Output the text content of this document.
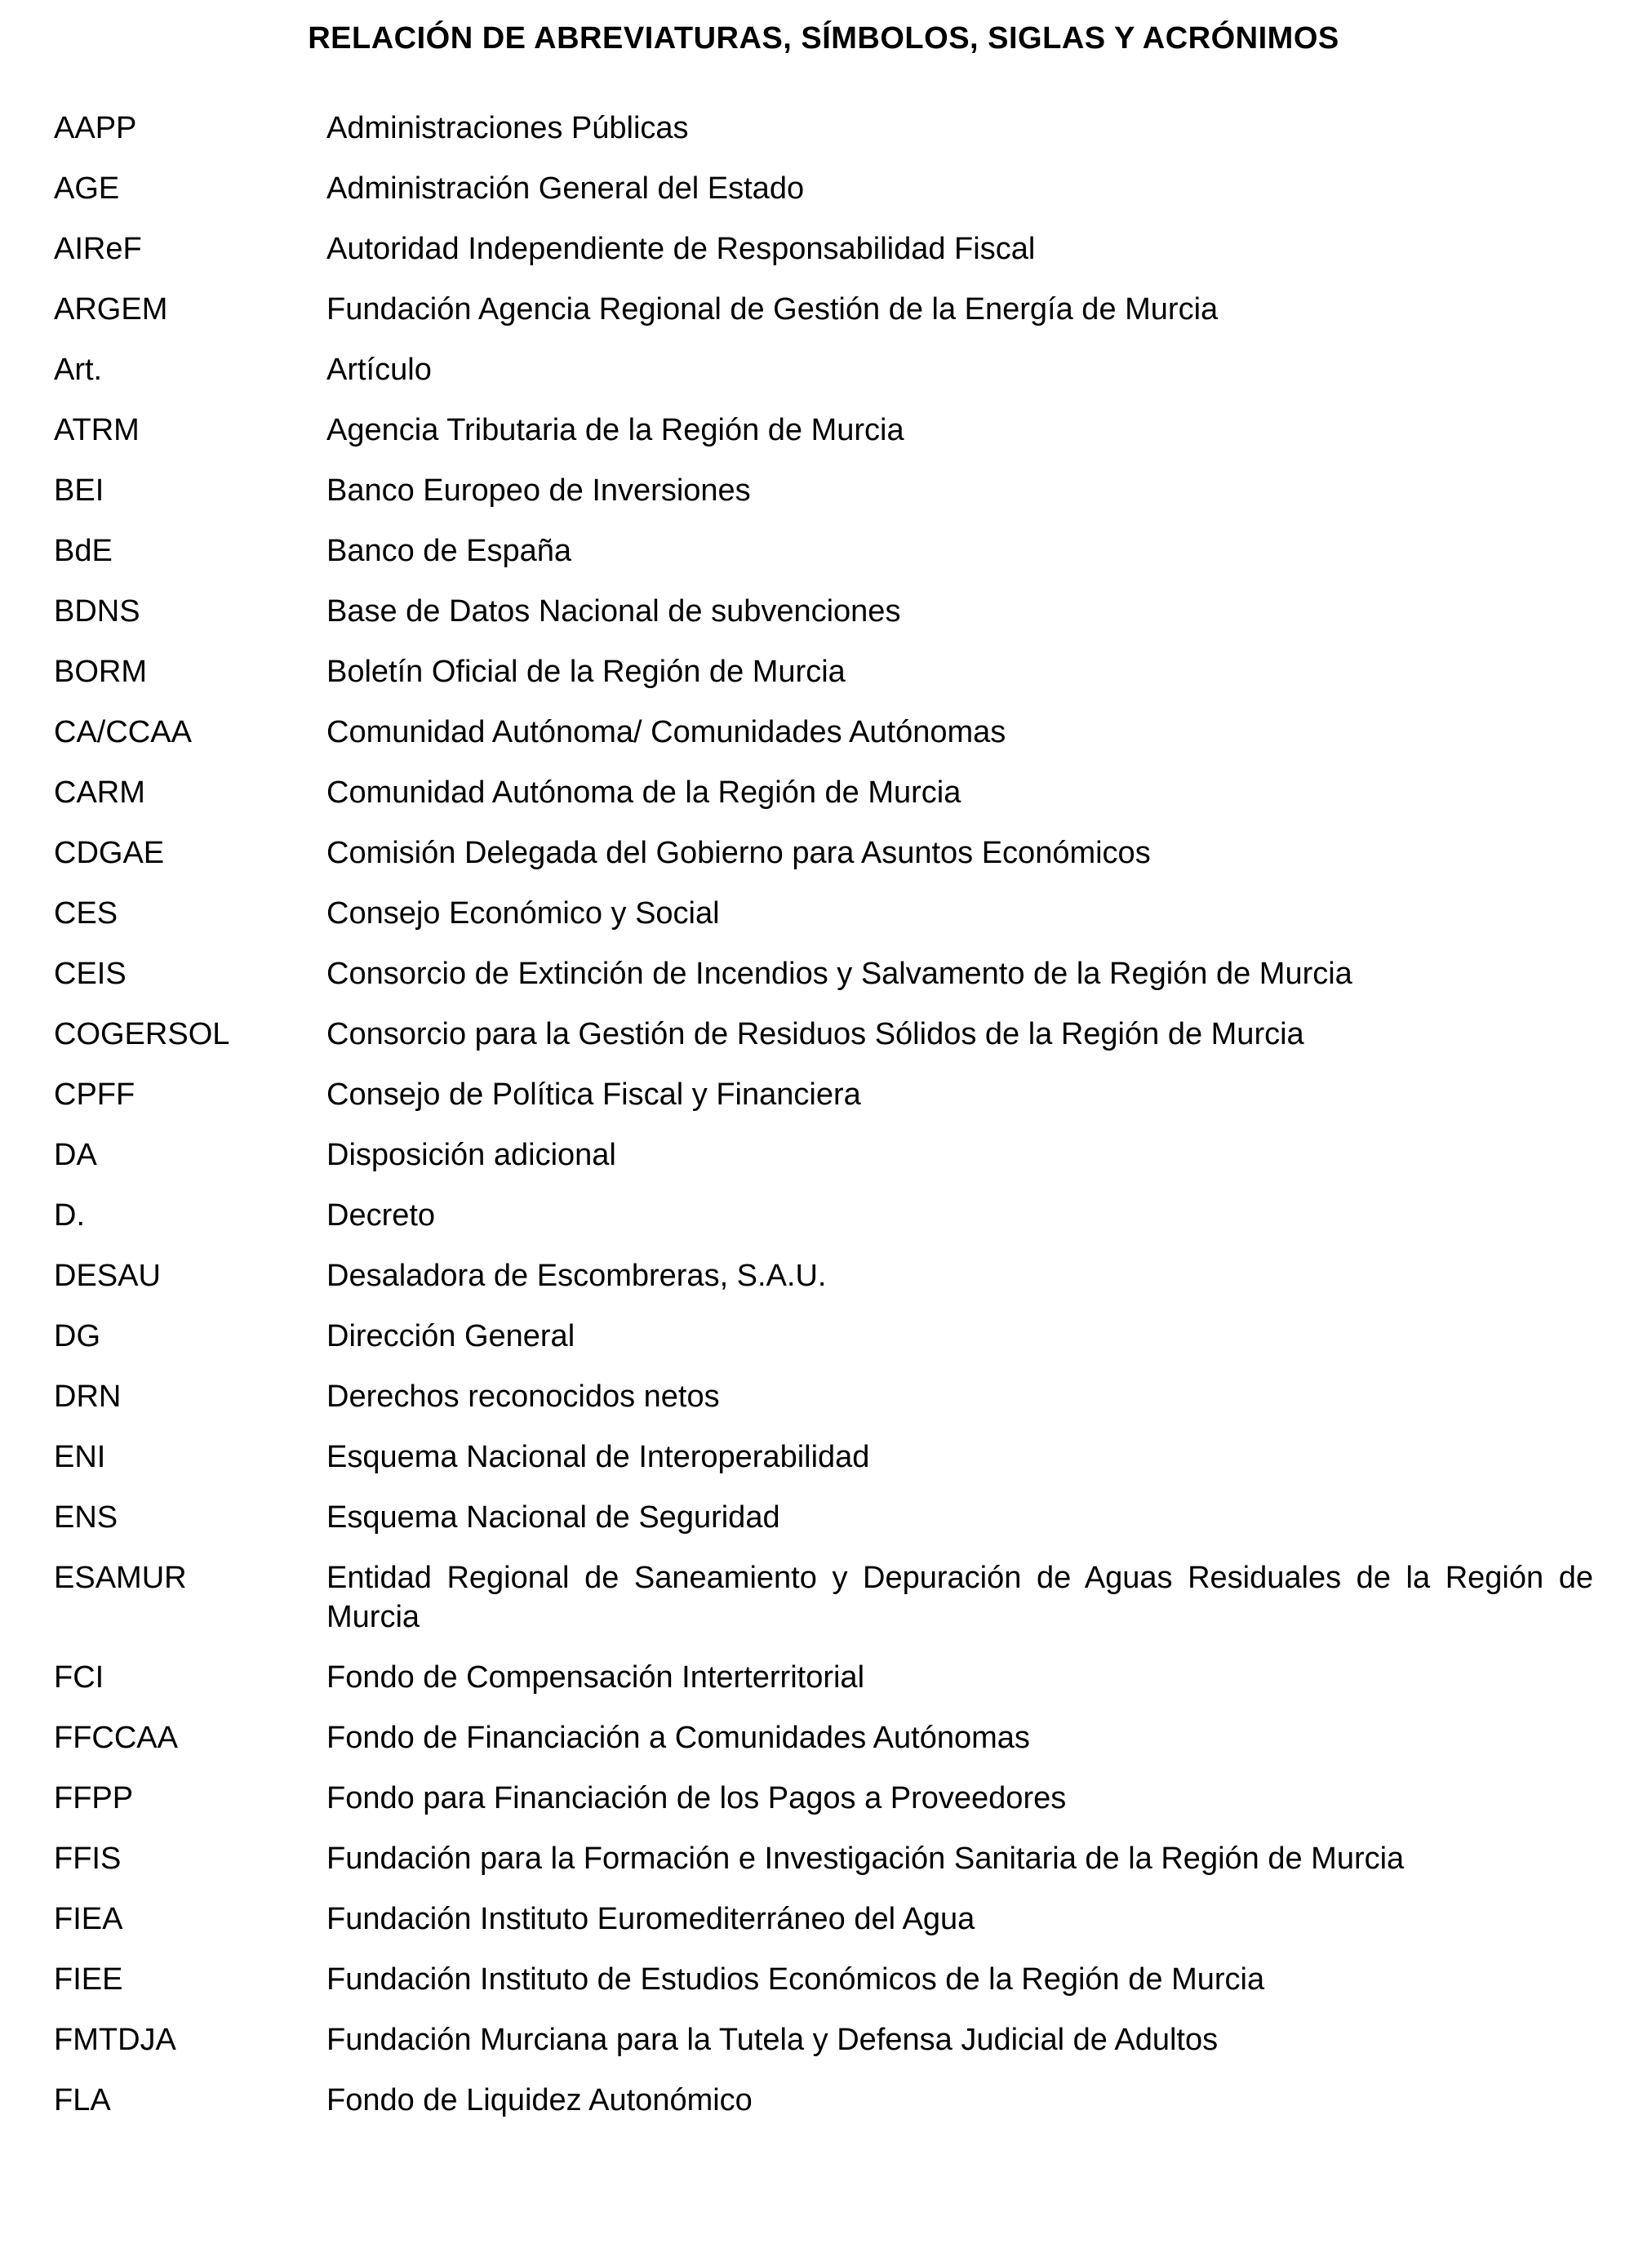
RELACIÓN DE ABREVIATURAS, SÍMBOLOS, SIGLAS Y ACRÓNIMOS
AAPP	Administraciones Públicas
AGE	Administración General del Estado
AIReF	Autoridad Independiente de Responsabilidad Fiscal
ARGEM	Fundación Agencia Regional de Gestión de la Energía de Murcia
Art.	Artículo
ATRM	Agencia Tributaria de la Región de Murcia
BEI	Banco Europeo de Inversiones
BdE	Banco de España
BDNS	Base de Datos Nacional de subvenciones
BORM	Boletín Oficial de la Región de Murcia
CA/CCAA	Comunidad Autónoma/ Comunidades Autónomas
CARM	Comunidad Autónoma de la Región de Murcia
CDGAE	Comisión Delegada del Gobierno para Asuntos Económicos
CES	Consejo Económico y Social
CEIS	Consorcio de Extinción de Incendios y Salvamento de la Región de Murcia
COGERSOL	Consorcio para la Gestión de Residuos Sólidos de la Región de Murcia
CPFF	Consejo de Política Fiscal y Financiera
DA	Disposición adicional
D.	Decreto
DESAU	Desaladora de Escombreras, S.A.U.
DG	Dirección General
DRN	Derechos reconocidos netos
ENI	Esquema Nacional de Interoperabilidad
ENS	Esquema Nacional de Seguridad
ESAMUR	Entidad Regional de Saneamiento y Depuración de Aguas Residuales de la Región de Murcia
FCI	Fondo de Compensación Interterritorial
FFCCAA	Fondo de Financiación a Comunidades Autónomas
FFPP	Fondo para Financiación de los Pagos a Proveedores
FFIS	Fundación para la Formación e Investigación Sanitaria de la Región de Murcia
FIEA	Fundación Instituto Euromediterráneo del Agua
FIEE	Fundación Instituto de Estudios Económicos de la Región de Murcia
FMTDJA	Fundación Murciana para la Tutela y Defensa Judicial de Adultos
FLA	Fondo de Liquidez Autonómico
